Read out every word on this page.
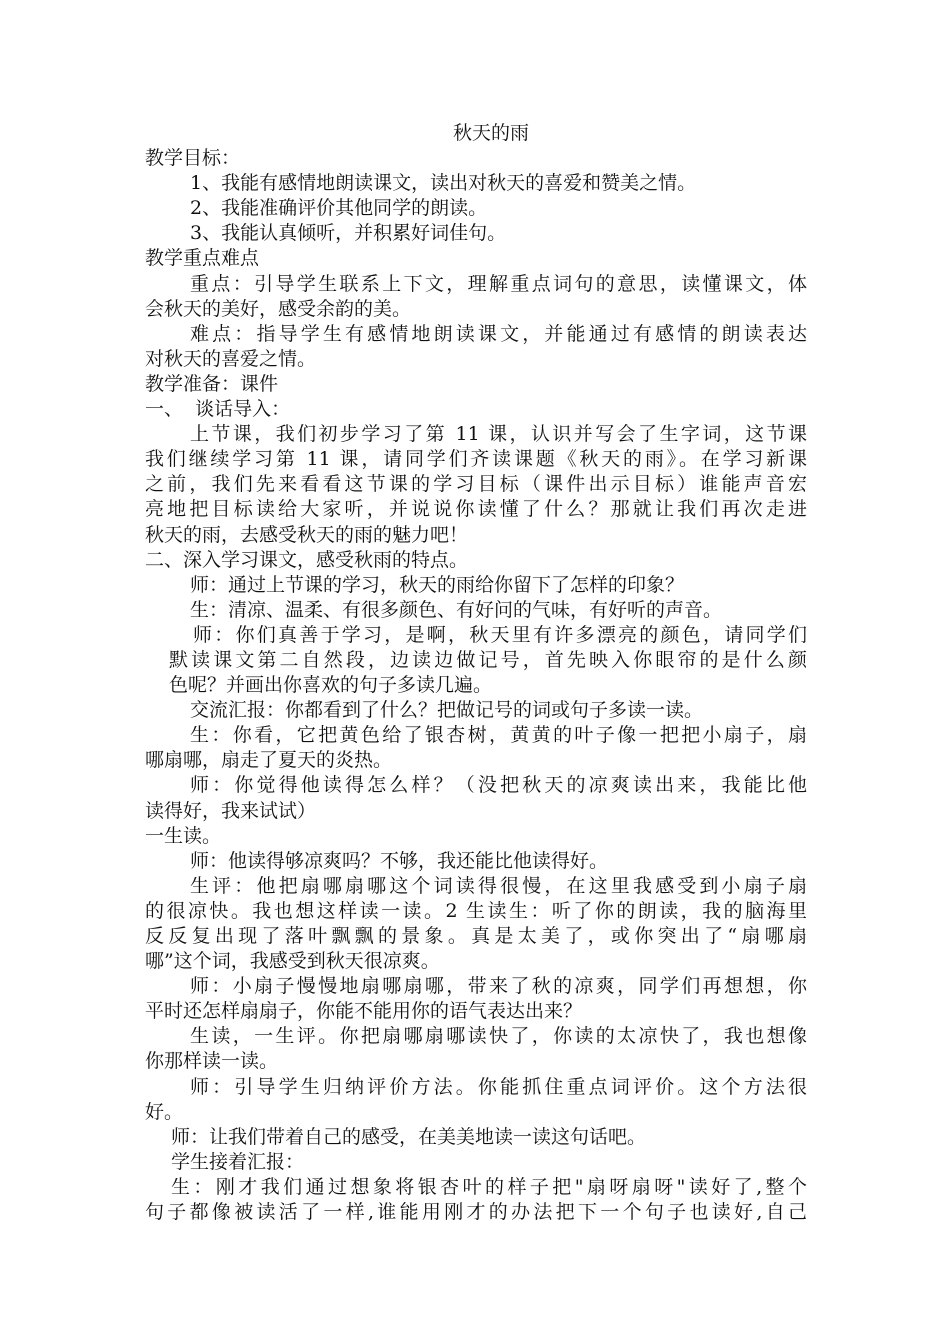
秋天的雨
教学目标：
1、我能有感情地朗读课文，读出对秋天的喜爱和赞美之情。
2、我能准确评价其他同学的朗读。
3、我能认真倾听，并积累好词佳句。
教学重点难点
重点：引导学生联系上下文，理解重点词句的意思，读懂课文，体
会秋天的美好，感受余韵的美。
难点：指导学生有感情地朗读课文，并能通过有感情的朗读表达
对秋天的喜爱之情。
教学准备：课件
一、  谈话导入：
上节课，我们初步学习了第 11 课，认识并写会了生字词，这节课
我们继续学习第 11 课，请同学们齐读课题《秋天的雨》。在学习新课
之前，我们先来看看这节课的学习目标（课件出示目标）谁能声音宏
亮地把目标读给大家听，并说说你读懂了什么？那就让我们再次走进
秋天的雨，去感受秋天的雨的魅力吧！
二、深入学习课文，感受秋雨的特点。
师：通过上节课的学习，秋天的雨给你留下了怎样的印象？
生：清凉、温柔、有很多颜色、有好问的气味，有好听的声音。
师：你们真善于学习，是啊，秋天里有许多漂亮的颜色，请同学们
默读课文第二自然段，边读边做记号，首先映入你眼帘的是什么颜
色呢？并画出你喜欢的句子多读几遍。
交流汇报：你都看到了什么？把做记号的词或句子多读一读。
生：你看，它把黄色给了银杏树，黄黄的叶子像一把把小扇子，扇
哪扇哪，扇走了夏天的炎热。
师：你觉得他读得怎么样？（没把秋天的凉爽读出来，我能比他
读得好，我来试试）
一生读。
师：他读得够凉爽吗？不够，我还能比他读得好。
生评：他把扇哪扇哪这个词读得很慢，在这里我感受到小扇子扇
的很凉快。我也想这样读一读。2 生读生：听了你的朗读，我的脑海里
反反复出现了落叶飘飘的景象。真是太美了，或你突出了“扇哪扇
哪”这个词，我感受到秋天很凉爽。
师：小扇子慢慢地扇哪扇哪，带来了秋的凉爽，同学们再想想，你
平时还怎样扇扇子，你能不能用你的语气表达出来？
生读，一生评。你把扇哪扇哪读快了，你读的太凉快了，我也想像
你那样读一读。
师：引导学生归纳评价方法。你能抓住重点词评价。这个方法很
好。
师：让我们带着自己的感受，在美美地读一读这句话吧。
学生接着汇报：
生：刚才我们通过想象将银杏叶的样子把"扇呀扇呀"读好了,整个
句子都像被读活了一样,谁能用刚才的办法把下一个句子也读好,自己
